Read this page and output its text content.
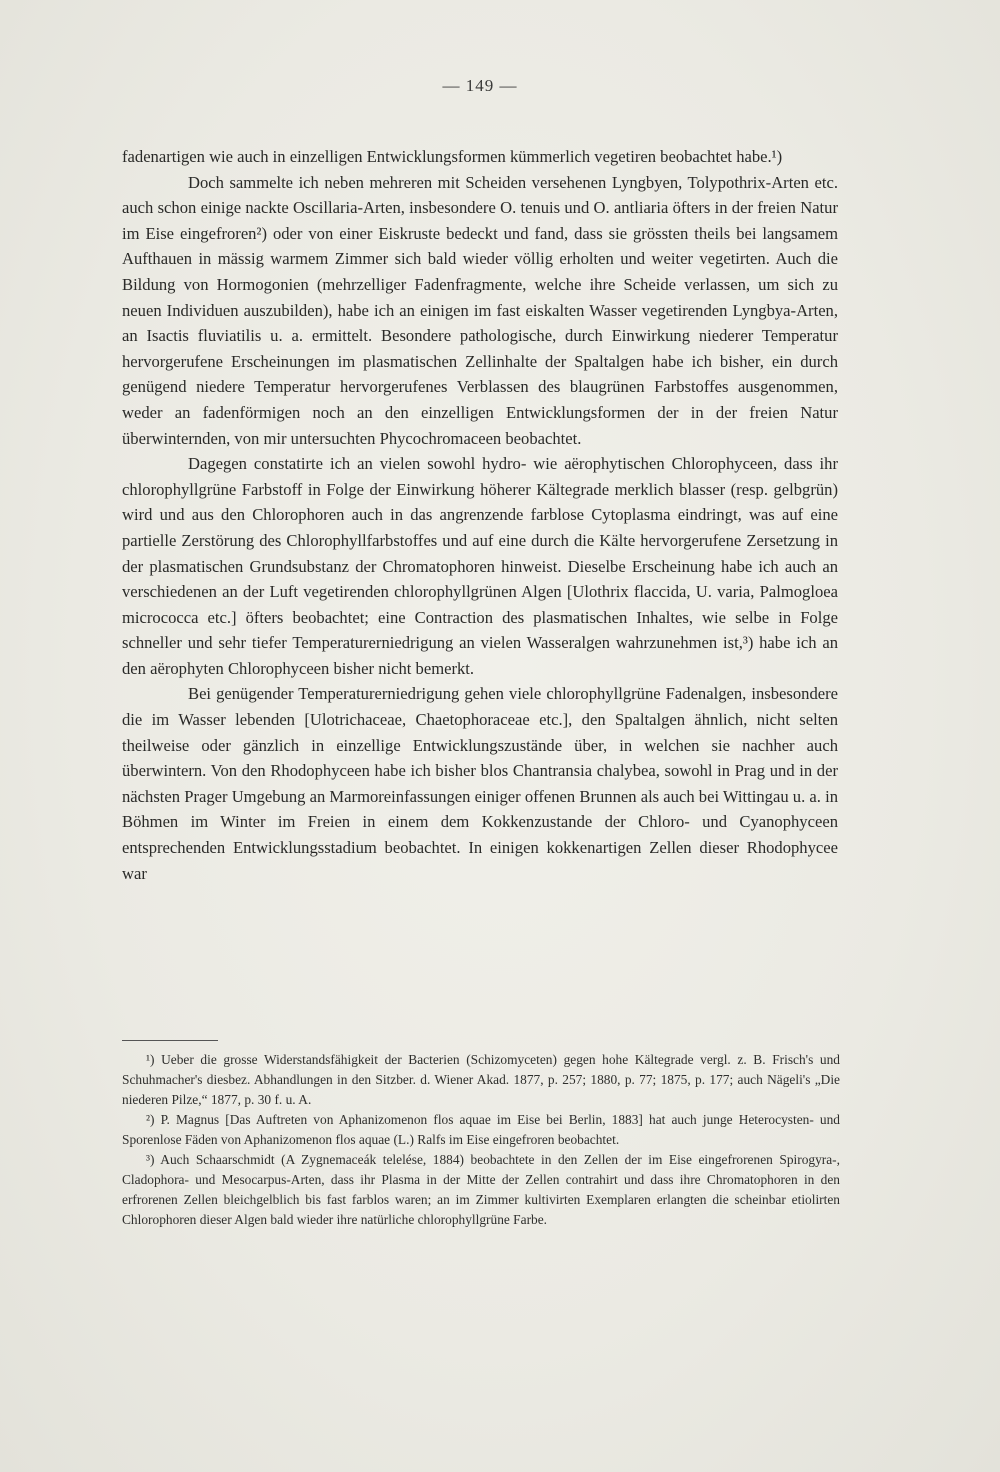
— 149 —

fadenartigen wie auch in einzelligen Entwicklungsformen kümmerlich vegetiren beobachtet habe.¹)

Doch sammelte ich neben mehreren mit Scheiden versehenen Lyngbyen, Tolypothrix-Arten etc. auch schon einige nackte Oscillaria-Arten, insbesondere O. tenuis und O. antliaria öfters in der freien Natur im Eise eingefroren²) oder von einer Eiskruste bedeckt und fand, dass sie grössten theils bei langsamem Aufthauen in mässig warmem Zimmer sich bald wieder völlig erholten und weiter vegetirten. Auch die Bildung von Hormogonien (mehrzelliger Fadenfragmente, welche ihre Scheide verlassen, um sich zu neuen Individuen auszubilden), habe ich an einigen im fast eiskalten Wasser vegetirenden Lyngbya-Arten, an Isactis fluviatilis u. a. ermittelt. Besondere pathologische, durch Einwirkung niederer Temperatur hervorgerufene Erscheinungen im plasmatischen Zellinhalte der Spaltalgen habe ich bisher, ein durch genügend niedere Temperatur hervorgerufenes Verblassen des blaugrünen Farbstoffes ausgenommen, weder an fadenförmigen noch an den einzelligen Entwicklungsformen der in der freien Natur überwinternden, von mir untersuchten Phycochromaceen beobachtet.

Dagegen constatirte ich an vielen sowohl hydro- wie aërophytischen Chlorophyceen, dass ihr chlorophyllgrüne Farbstoff in Folge der Einwirkung höherer Kältegrade merklich blasser (resp. gelbgrün) wird und aus den Chlorophoren auch in das angrenzende farblose Cytoplasma eindringt, was auf eine partielle Zerstörung des Chlorophyllfarbstoffes und auf eine durch die Kälte hervorgerufene Zersetzung in der plasmatischen Grundsubstanz der Chromatophoren hinweist. Dieselbe Erscheinung habe ich auch an verschiedenen an der Luft vegetirenden chlorophyllgrünen Algen [Ulothrix flaccida, U. varia, Palmogloea micrococca etc.] öfters beobachtet; eine Contraction des plasmatischen Inhaltes, wie selbe in Folge schneller und sehr tiefer Temperaturerniedrigung an vielen Wasseralgen wahrzunehmen ist,³) habe ich an den aërophyten Chlorophyceen bisher nicht bemerkt.

Bei genügender Temperaturerniedrigung gehen viele chlorophyllgrüne Fadenalgen, insbesondere die im Wasser lebenden [Ulotrichaceae, Chaetophoraceae etc.], den Spaltalgen ähnlich, nicht selten theilweise oder gänzlich in einzellige Entwicklungszustände über, in welchen sie nachher auch überwintern. Von den Rhodophyceen habe ich bisher blos Chantransia chalybea, sowohl in Prag und in der nächsten Prager Umgebung an Marmoreinfassungen einiger offenen Brunnen als auch bei Wittingau u. a. in Böhmen im Winter im Freien in einem dem Kokkenzustande der Chloro- und Cyanophyceen entsprechenden Entwicklungsstadium beobachtet. In einigen kokkenartigen Zellen dieser Rhodophycee war

¹) Ueber die grosse Widerstandsfähigkeit der Bacterien (Schizomyceten) gegen hohe Kältegrade vergl. z. B. Frisch's und Schuhmacher's diesbez. Abhandlungen in den Sitzber. d. Wiener Akad. 1877, p. 257; 1880, p. 77; 1875, p. 177; auch Nägeli's „Die niederen Pilze,“ 1877, p. 30 f. u. A.

²) P. Magnus [Das Auftreten von Aphanizomenon flos aquae im Eise bei Berlin, 1883] hat auch junge Heterocysten- und Sporenlose Fäden von Aphanizomenon flos aquae (L.) Ralfs im Eise eingefroren beobachtet.

³) Auch Schaarschmidt (A Zygnemaceák telelése, 1884) beobachtete in den Zellen der im Eise eingefrorenen Spirogyra-, Cladophora- und Mesocarpus-Arten, dass ihr Plasma in der Mitte der Zellen contrahirt und dass ihre Chromatophoren in den erfrorenen Zellen bleichgelblich bis fast farblos waren; an im Zimmer kultivirten Exemplaren erlangten die scheinbar etiolirten Chlorophoren dieser Algen bald wieder ihre natürliche chlorophyllgrüne Farbe.
